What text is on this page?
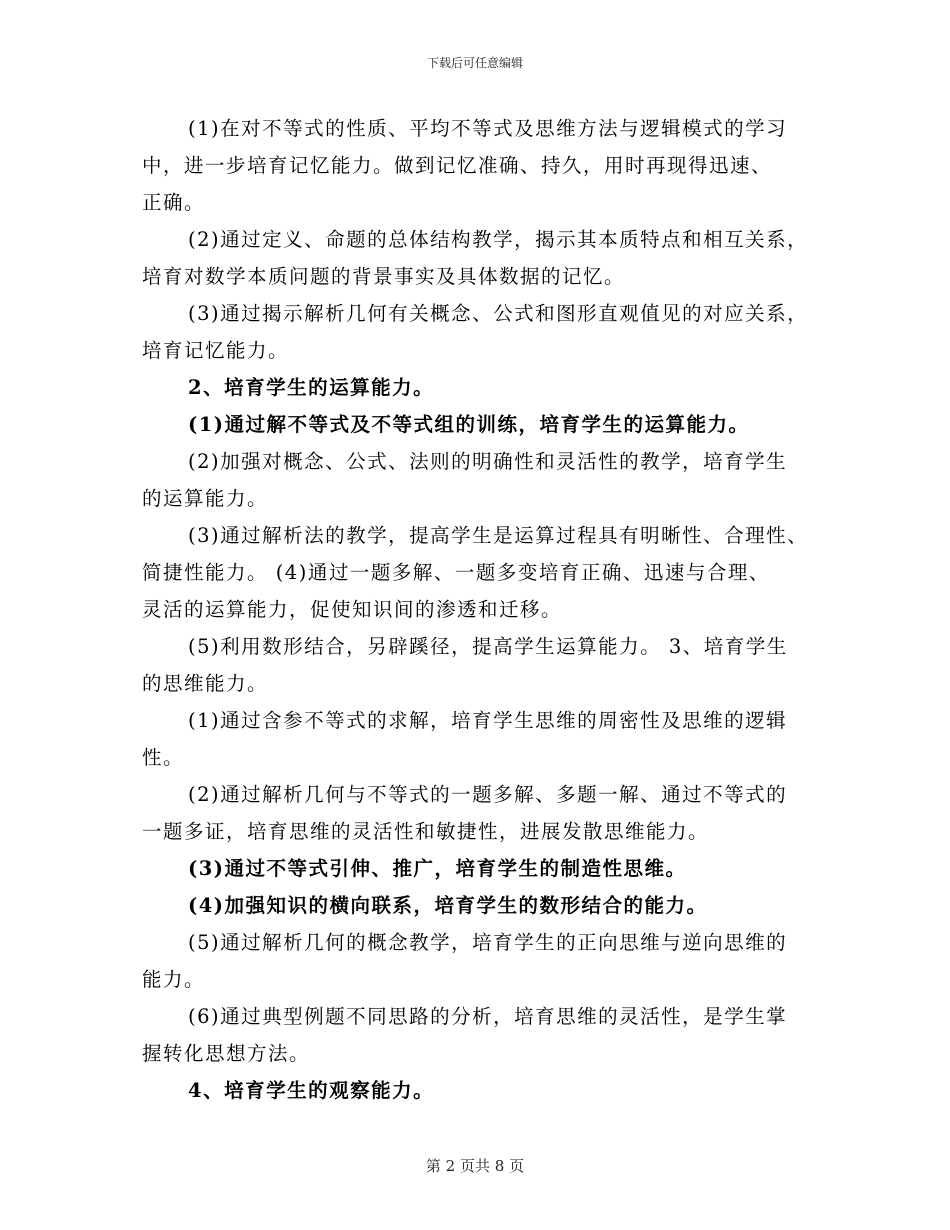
下载后可任意编辑
(1)在对不等式的性质、平均不等式及思维方法与逻辑模式的学习
中，进一步培育记忆能力。做到记忆准确、持久，用时再现得迅速、
正确。
(2)通过定义、命题的总体结构教学，揭示其本质特点和相互关系，
培育对数学本质问题的背景事实及具体数据的记忆。
(3)通过揭示解析几何有关概念、公式和图形直观值见的对应关系，
培育记忆能力。
2、培育学生的运算能力。
(1)通过解不等式及不等式组的训练，培育学生的运算能力。
(2)加强对概念、公式、法则的明确性和灵活性的教学，培育学生
的运算能力。
(3)通过解析法的教学，提高学生是运算过程具有明晰性、合理性、
简捷性能力。 (4)通过一题多解、一题多变培育正确、迅速与合理、
灵活的运算能力，促使知识间的渗透和迁移。
(5)利用数形结合，另辟蹊径，提高学生运算能力。 3、培育学生
的思维能力。
(1)通过含参不等式的求解，培育学生思维的周密性及思维的逻辑
性。
(2)通过解析几何与不等式的一题多解、多题一解、通过不等式的
一题多证，培育思维的灵活性和敏捷性，进展发散思维能力。
(3)通过不等式引伸、推广，培育学生的制造性思维。
(4)加强知识的横向联系，培育学生的数形结合的能力。
(5)通过解析几何的概念教学，培育学生的正向思维与逆向思维的
能力。
(6)通过典型例题不同思路的分析，培育思维的灵活性，是学生掌
握转化思想方法。
4、培育学生的观察能力。
第 2 页共 8 页
